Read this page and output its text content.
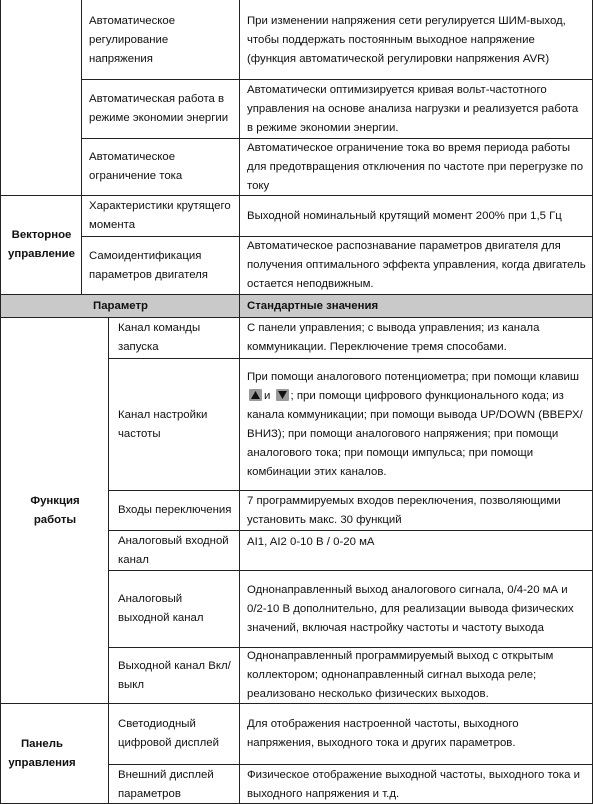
Автоматическое регулирование напряжения
При изменении напряжения сети регулируется ШИМ-выход, чтобы поддержать постоянным выходное напряжение (функция автоматической регулировки напряжения AVR)
Автоматическая работа в режиме экономии энергии
Автоматически оптимизируется кривая вольт-частотного управления на основе анализа нагрузки и реализуется работа в режиме экономии энергии.
Автоматическое ограничение тока
Автоматическое ограничение тока во время периода работы для предотвращения отключения по частоте при перегрузке по току
Векторное управление
Характеристики крутящего момента
Выходной номинальный крутящий момент 200% при 1,5 Гц
Самоидентификация параметров двигателя
Автоматическое распознавание параметров двигателя для получения оптимального эффекта управления, когда двигатель остается неподвижным.
Параметр	Стандартные значения
Функция работы
Канал команды запуска
С панели управления; с вывода управления; из канала коммуникации. Переключение тремя способами.
Канал настройки частоты
При помощи аналогового потенциометра; при помощи клавиш
и ; при помощи цифрового функционального кода; из канала коммуникации; при помощи вывода UP/DOWN (ВВЕРХ/ВНИЗ); при помощи аналогового напряжения; при помощи аналогового тока; при помощи импульса; при помощи комбинации этих каналов.
Входы переключения
7 программируемых входов переключения, позволяющими установить макс. 30 функций
Аналоговый входной канал
AI1, AI2 0-10 В / 0-20 мА
Аналоговый выходной канал
Однонаправленный выход аналогового сигнала, 0/4-20 мА и 0/2-10 В дополнительно, для реализации вывода физических значений, включая настройку частоты и частоту выхода
Выходной канал Вкл/выкл
Однонаправленный программируемый выход с открытым коллектором; однонаправленный сигнал выхода реле; реализовано несколько физических выходов.
Панель управления
Светодиодный цифровой дисплей
Для отображения настроенной частоты, выходного напряжения, выходного тока и других параметров.
Внешний дисплей параметров
Физическое отображение выходной частоты, выходного тока и выходного напряжения и т.д.
